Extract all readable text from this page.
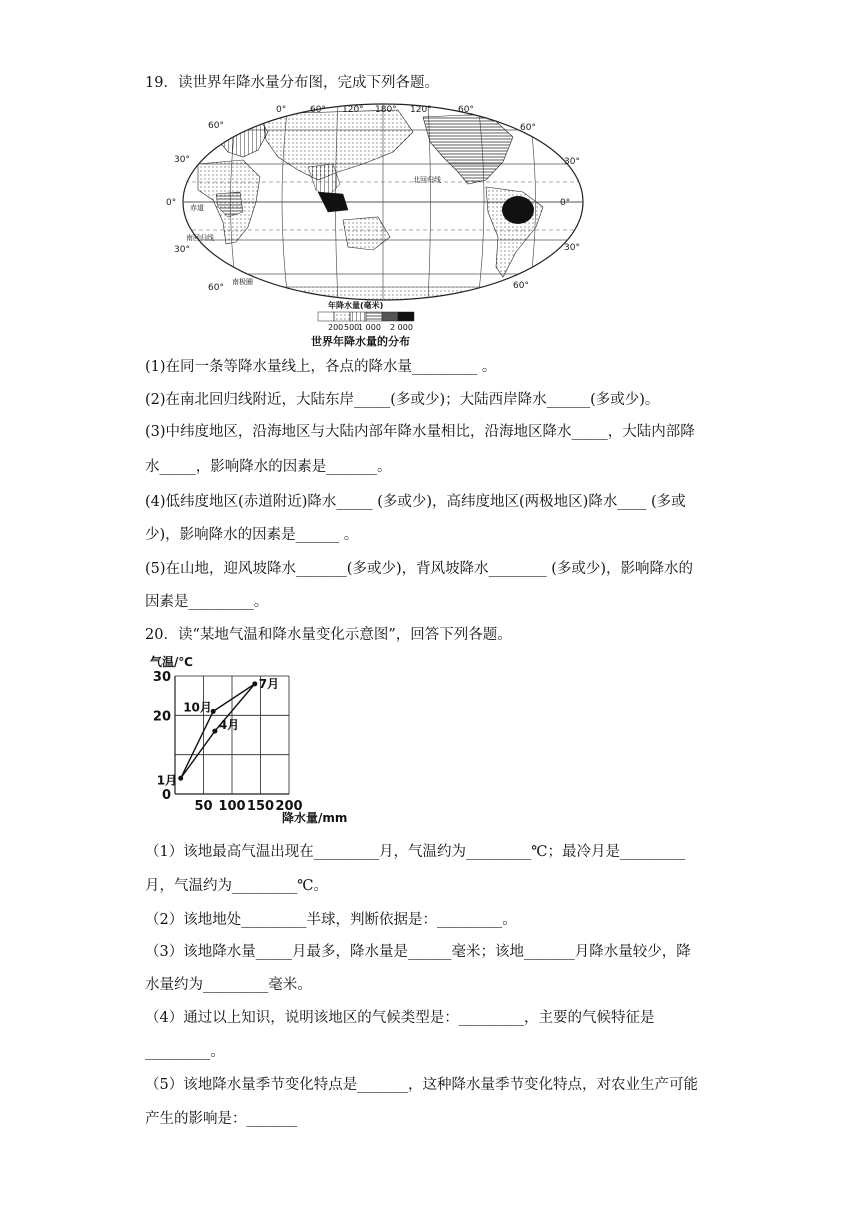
19．读世界年降水量分布图，完成下列各题。
0°	60° 120° 180° 120°	60°
60°
30°
0°
30°
60°
60°
30°
0°
30°
60°
北回归线
赤道
南回归线
南极圈
年降水量(毫米)
200 500
1 000 2 000
世界年降水量的分布
(1)在同一条等降水量线上，各点的降水量_________ 。
(2)在南北回归线附近，大陆东岸_____(多或少)；大陆西岸降水______(多或少)。
(3)中纬度地区，沿海地区与大陆内部年降水量相比，沿海地区降水_____，大陆内部降
水_____，影响降水的因素是_______。
(4)低纬度地区(赤道附近)降水_____ (多或少)，高纬度地区(两极地区)降水____ (多或
少)，影响降水的因素是______ 。
(5)在山地，迎风坡降水_______(多或少)，背风坡降水________ (多或少)，影响降水的
因素是_________。
20．读“某地气温和降水量变化示意图”，回答下列各题。
气温/℃
0
20
30
50 100 150 200
1月
4月
7月
10月
降水量/mm
（1）该地最高气温出现在_________月，气温约为_________℃；最冷月是_________
月，气温约为_________℃。
（2）该地地处_________半球，判断依据是：_________。
（3）该地降水量_____月最多，降水量是______毫米；该地_______月降水量较少，降
水量约为_________毫米。
（4）通过以上知识，说明该地区的气候类型是：_________，主要的气候特征是
_________。
（5）该地降水量季节变化特点是_______，这种降水量季节变化特点，对农业生产可能
产生的影响是：_______
